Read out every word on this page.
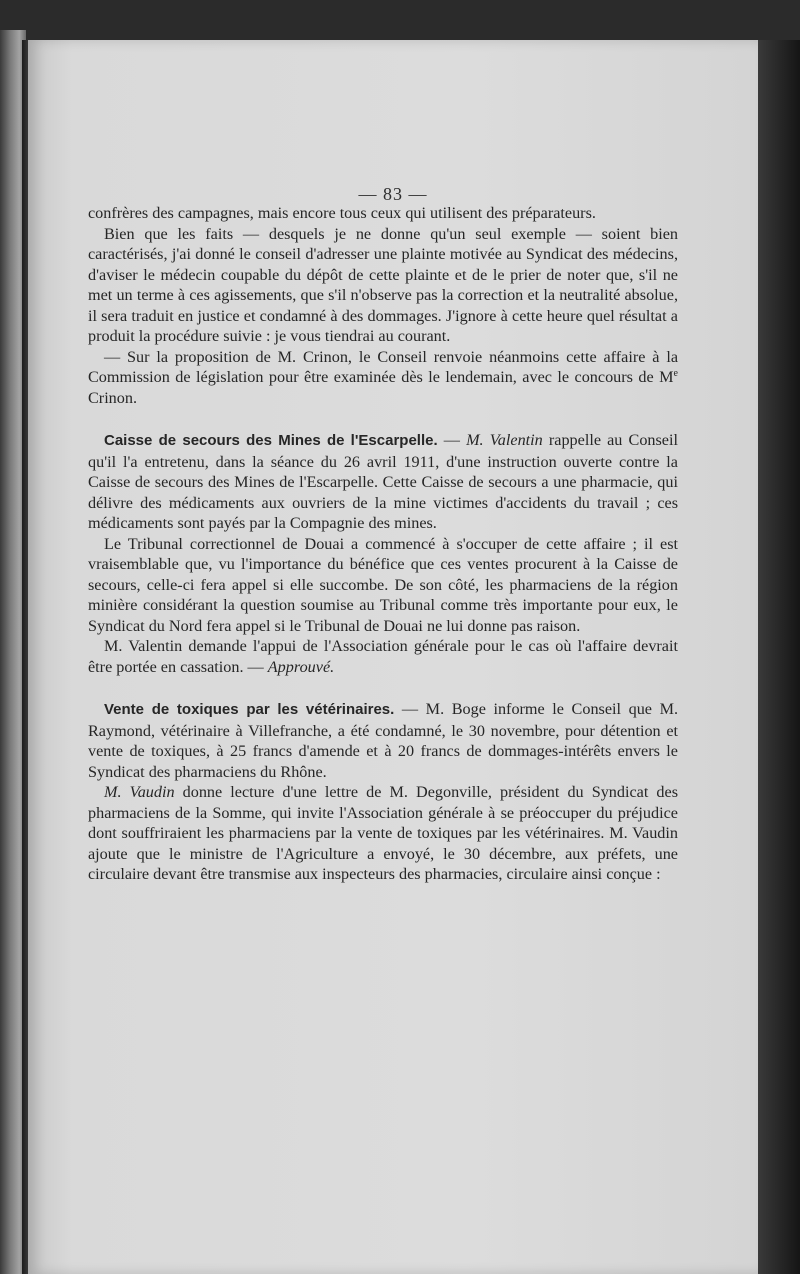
— 83 —

confrères des campagnes, mais encore tous ceux qui utilisent des préparateurs.

Bien que les faits — desquels je ne donne qu'un seul exemple — soient bien caractérisés, j'ai donné le conseil d'adresser une plainte motivée au Syndicat des médecins, d'aviser le médecin coupable du dépôt de cette plainte et de le prier de noter que, s'il ne met un terme à ces agissements, que s'il n'observe pas la correction et la neutralité absolue, il sera traduit en justice et condamné à des dommages. J'ignore à cette heure quel résultat a produit la procédure suivie : je vous tiendrai au courant.

— Sur la proposition de M. Crinon, le Conseil renvoie néanmoins cette affaire à la Commission de législation pour être examinée dès le lendemain, avec le concours de Me Crinon.

Caisse de secours des Mines de l'Escarpelle. — M. Valentin rappelle au Conseil qu'il l'a entretenu, dans la séance du 26 avril 1911, d'une instruction ouverte contre la Caisse de secours des Mines de l'Escarpelle. Cette Caisse de secours a une pharmacie, qui délivre des médicaments aux ouvriers de la mine victimes d'accidents du travail ; ces médicaments sont payés par la Compagnie des mines.

Le Tribunal correctionnel de Douai a commencé à s'occuper de cette affaire ; il est vraisemblable que, vu l'importance du bénéfice que ces ventes procurent à la Caisse de secours, celle-ci fera appel si elle succombe. De son côté, les pharmaciens de la région minière considérant la question soumise au Tribunal comme très importante pour eux, le Syndicat du Nord fera appel si le Tribunal de Douai ne lui donne pas raison.

M. Valentin demande l'appui de l'Association générale pour le cas où l'affaire devrait être portée en cassation. — Approuvé.

Vente de toxiques par les vétérinaires. — M. Boge informe le Conseil que M. Raymond, vétérinaire à Villefranche, a été condamné, le 30 novembre, pour détention et vente de toxiques, à 25 francs d'amende et à 20 francs de dommages-intérêts envers le Syndicat des pharmaciens du Rhône.

M. Vaudin donne lecture d'une lettre de M. Degonville, président du Syndicat des pharmaciens de la Somme, qui invite l'Association générale à se préoccuper du préjudice dont souffriraient les pharmaciens par la vente de toxiques par les vétérinaires. M. Vaudin ajoute que le ministre de l'Agriculture a envoyé, le 30 décembre, aux préfets, une circulaire devant être transmise aux inspecteurs des pharmacies, circulaire ainsi conçue :
